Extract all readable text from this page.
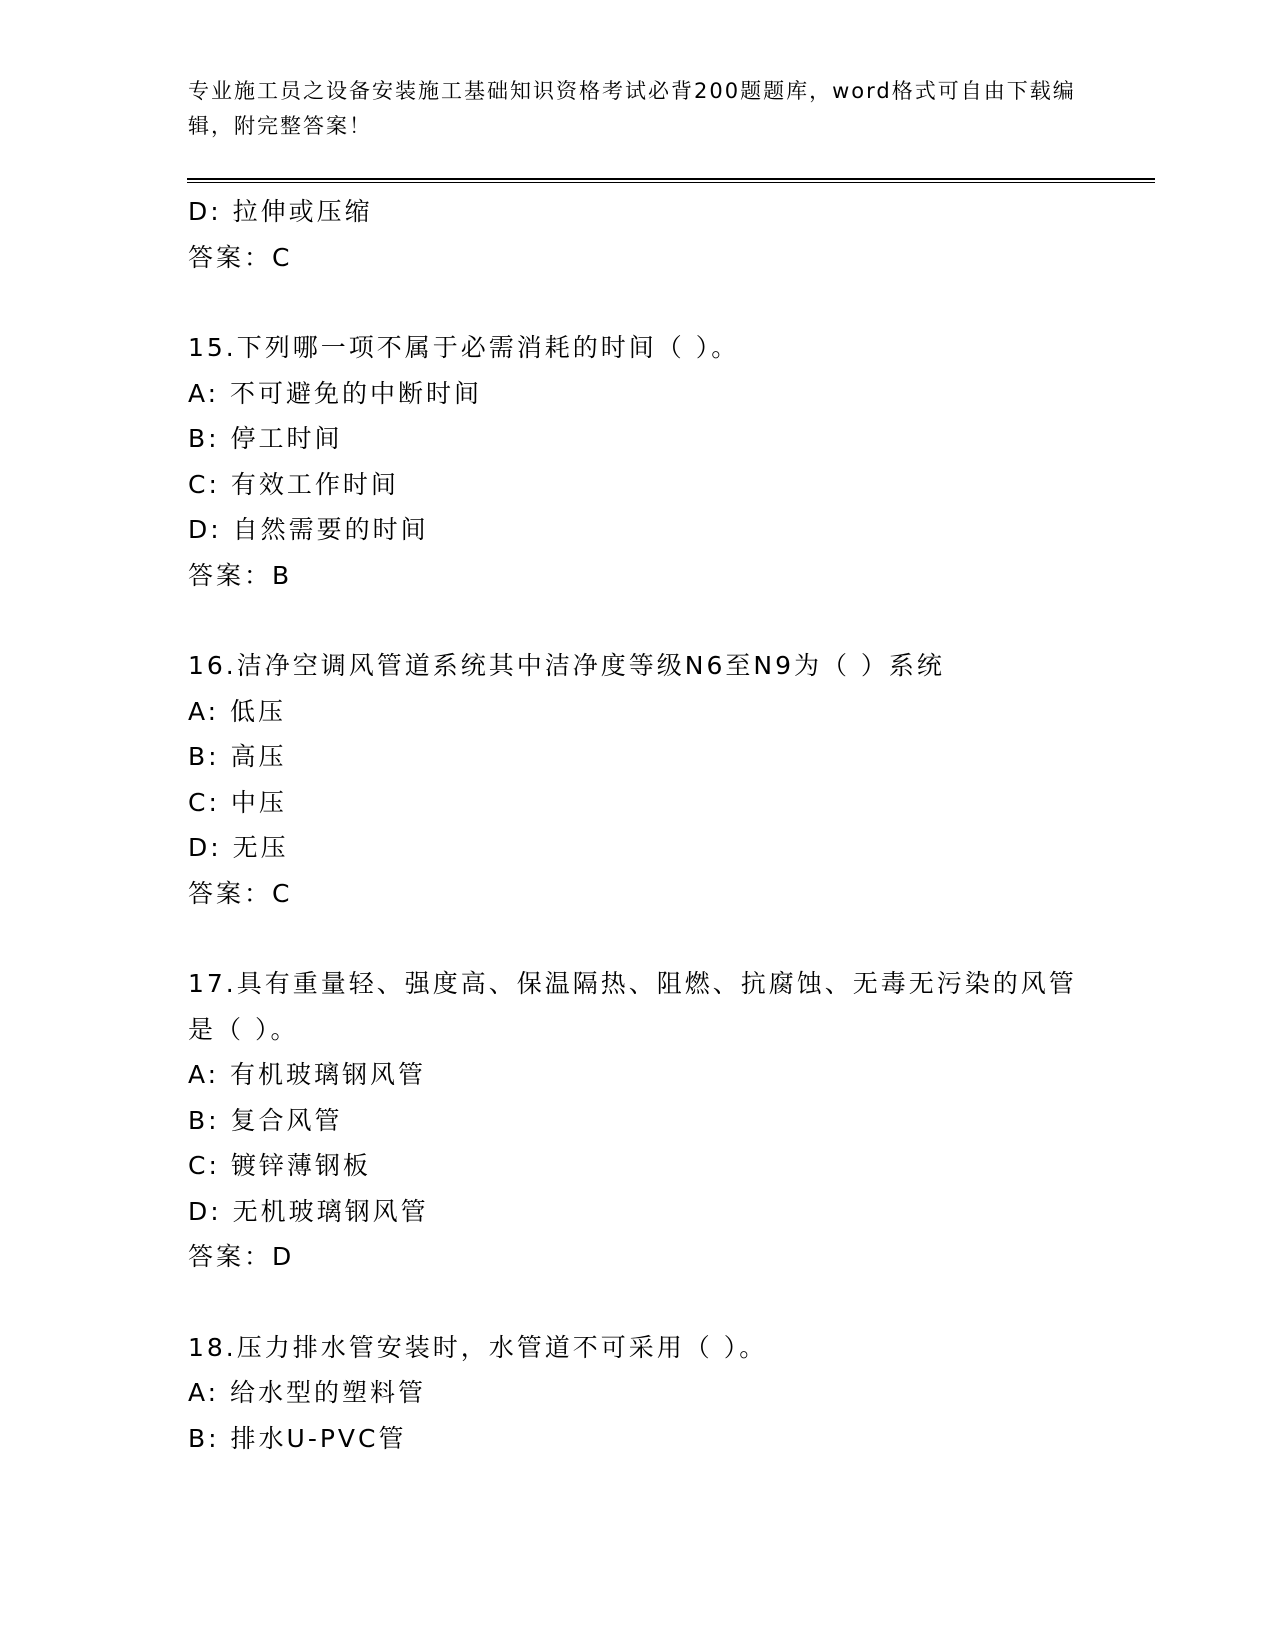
专业施工员之设备安装施工基础知识资格考试必背200题题库，word格式可自由下载编辑，附完整答案！
D: 拉伸或压缩
答案：C
15.下列哪一项不属于必需消耗的时间（ ）。
A: 不可避免的中断时间
B: 停工时间
C: 有效工作时间
D: 自然需要的时间
答案：B
16.洁净空调风管道系统其中洁净度等级N6至N9为（ ）系统
A: 低压
B: 高压
C: 中压
D: 无压
答案：C
17.具有重量轻、强度高、保温隔热、阻燃、抗腐蚀、无毒无污染的风管是（ ）。
A: 有机玻璃钢风管
B: 复合风管
C: 镀锌薄钢板
D: 无机玻璃钢风管
答案：D
18.压力排水管安装时，水管道不可采用（ ）。
A: 给水型的塑料管
B: 排水U-PVC管
